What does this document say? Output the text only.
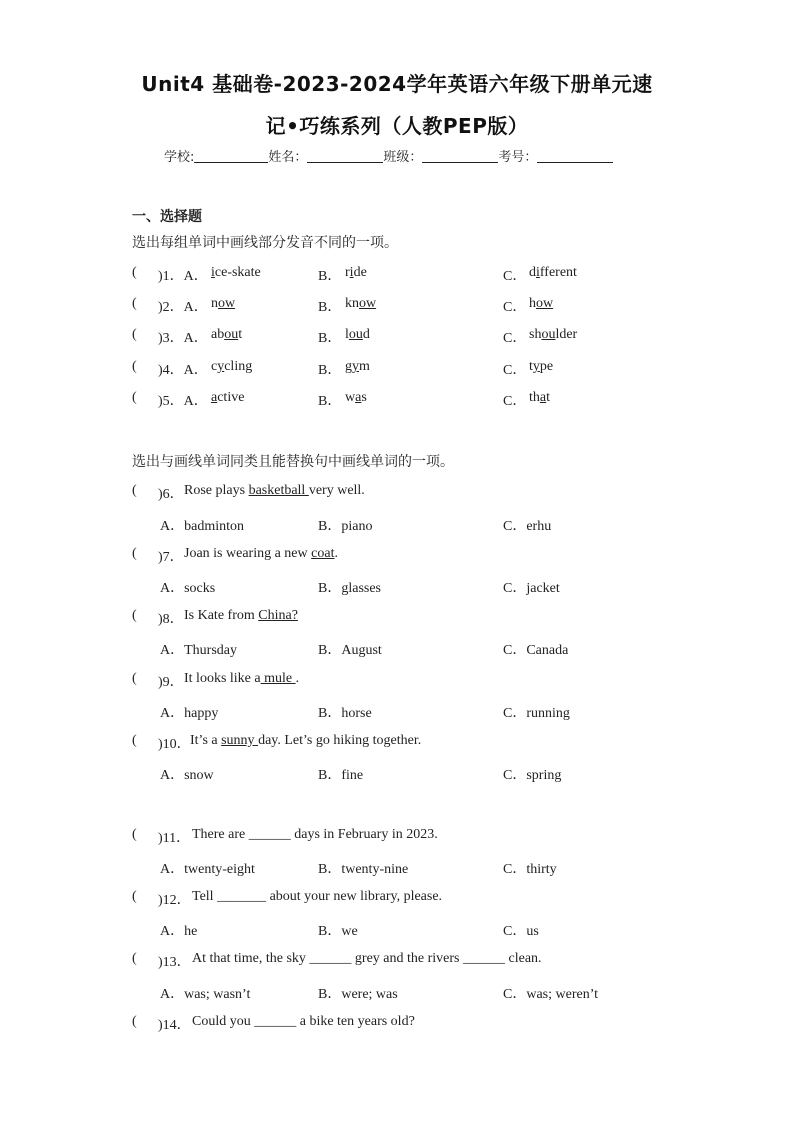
Unit4 基础卷-2023-2024学年英语六年级下册单元速
记•巧练系列（人教PEP版）
学校:	姓名：	班级：	考号：
一、选择题
选出每组单词中画线部分发音不同的一项。
( )1．A． ice-skate	B． ride	C． different
( )2．A． now	B． know	C． how
( )3．A． about	B． loud	C． shoulder
( )4．A． cycling	B． gym	C． type
( )5．A． active	B． was	C． that
选出与画线单词同类且能替换句中画线单词的一项。
( )6． Rose plays basketball very well.
A．badminton	B．piano	C．erhu
( )7． Joan is wearing a new coat.
A．socks	B．glasses	C．jacket
( )8． Is Kate from China?
A．Thursday	B．August	C．Canada
( )9． It looks like a mule .
A．happy	B．horse	C．running
( )10． It’s a sunny day. Let’s go hiking together.
A．snow	B．fine	C．spring
( )11． There are ______ days in February in 2023.
A．twenty-eight	B．twenty-nine	C．thirty
( )12． Tell _______ about your new library, please.
A．he	B．we	C．us
( )13． At that time, the sky ______ grey and the rivers ______ clean.
A．was; wasn’t	B．were; was	C．was; weren’t
( )14． Could you ______ a bike ten years old?
